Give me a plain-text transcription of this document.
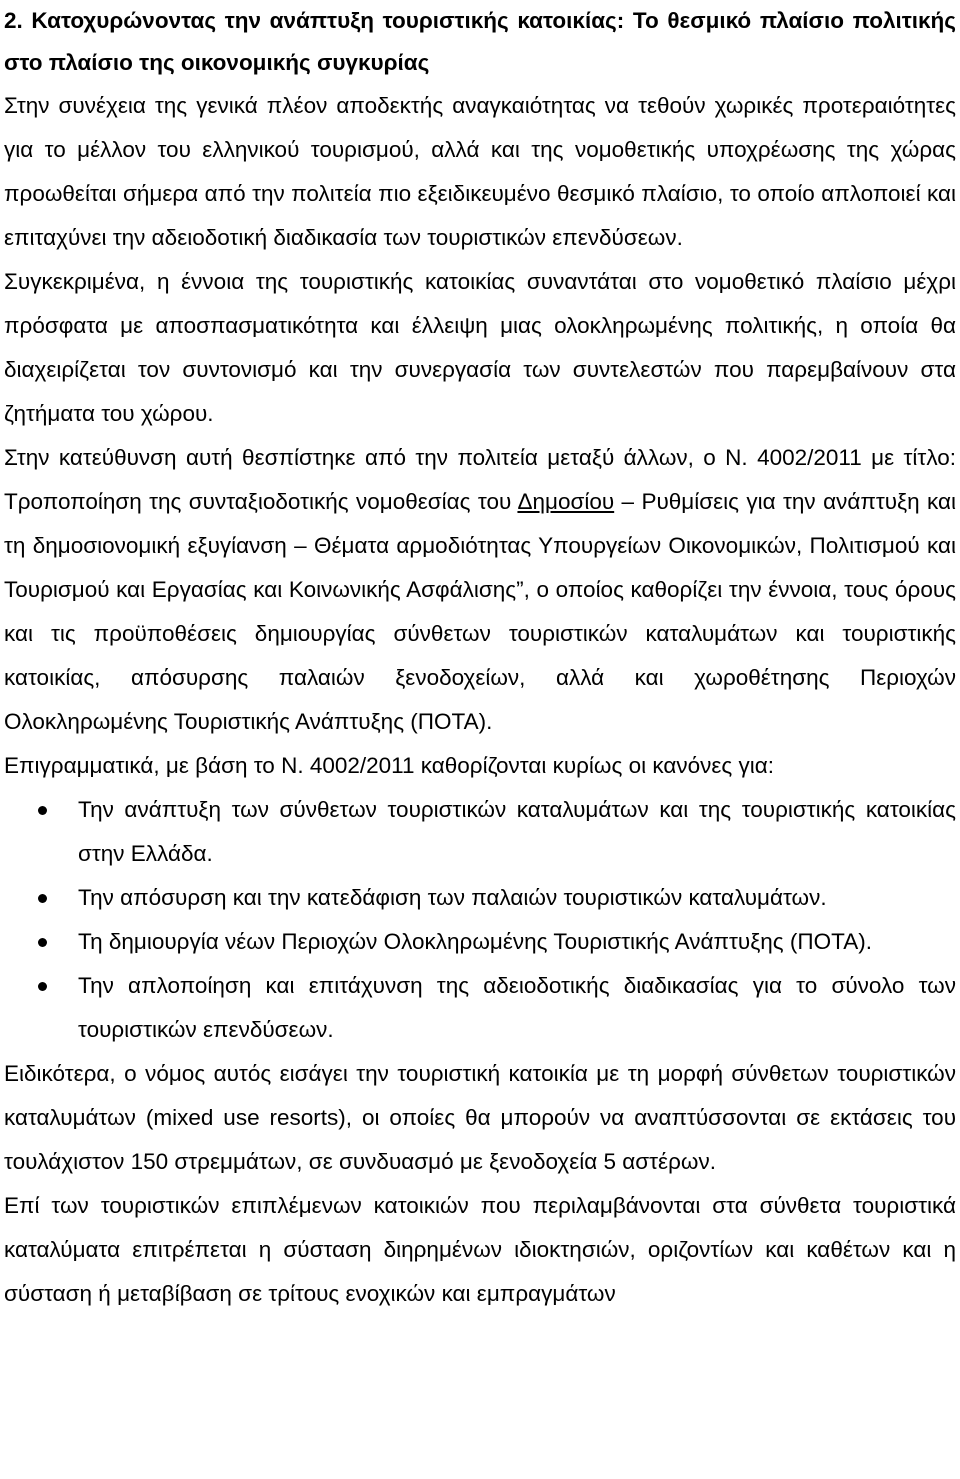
2. Κατοχυρώνοντας την ανάπτυξη τουριστικής κατοικίας: Το θεσμικό πλαίσιο πολιτικής στο πλαίσιο της οικονομικής συγκυρίας

Στην συνέχεια της γενικά πλέον αποδεκτής αναγκαιότητας να τεθούν χωρικές προτεραιότητες για το μέλλον του ελληνικού τουρισμού, αλλά και της νομοθετικής υποχρέωσης της χώρας προωθείται σήμερα από την πολιτεία πιο εξειδικευμένο θεσμικό πλαίσιο, το οποίο απλοποιεί και επιταχύνει την αδειοδοτική διαδικασία των τουριστικών επενδύσεων.

Συγκεκριμένα, η έννοια της τουριστικής κατοικίας συναντάται στο νομοθετικό πλαίσιο μέχρι πρόσφατα με αποσπασματικότητα και έλλειψη μιας ολοκληρωμένης πολιτικής, η οποία θα διαχειρίζεται τον συντονισμό και την συνεργασία των συντελεστών που παρεμβαίνουν στα ζητήματα του χώρου.

Στην κατεύθυνση αυτή θεσπίστηκε από την πολιτεία μεταξύ άλλων, ο Ν. 4002/2011 με τίτλο: Τροποποίηση της συνταξιοδοτικής νομοθεσίας του Δημοσίου – Ρυθμίσεις για την ανάπτυξη και τη δημοσιονομική εξυγίανση – Θέματα αρμοδιότητας Υπουργείων Οικονομικών, Πολιτισμού και Τουρισμού και Εργασίας και Κοινωνικής Ασφάλισης”, ο οποίος καθορίζει την έννοια, τους όρους και τις προϋποθέσεις δημιουργίας σύνθετων τουριστικών καταλυμάτων και τουριστικής κατοικίας, απόσυρσης παλαιών ξενοδοχείων, αλλά και χωροθέτησης Περιοχών Ολοκληρωμένης Τουριστικής Ανάπτυξης (ΠΟΤΑ).

Επιγραμματικά, με βάση το Ν. 4002/2011 καθορίζονται κυρίως οι κανόνες για:

Την ανάπτυξη των σύνθετων τουριστικών καταλυμάτων και της τουριστικής κατοικίας στην Ελλάδα.
Την απόσυρση και την κατεδάφιση των παλαιών τουριστικών καταλυμάτων.
Τη δημιουργία νέων Περιοχών Ολοκληρωμένης Τουριστικής Ανάπτυξης (ΠΟΤΑ).
Την απλοποίηση και επιτάχυνση της αδειοδοτικής διαδικασίας για το σύνολο των τουριστικών επενδύσεων.

Ειδικότερα, ο νόμος αυτός εισάγει την τουριστική κατοικία με τη μορφή σύνθετων τουριστικών καταλυμάτων (mixed use resorts), οι οποίες θα μπορούν να αναπτύσσονται σε εκτάσεις του τουλάχιστον 150 στρεμμάτων, σε συνδυασμό με ξενοδοχεία 5 αστέρων.

Επί των τουριστικών επιπλέμενων κατοικιών που περιλαμβάνονται στα σύνθετα τουριστικά καταλύματα επιτρέπεται η σύσταση διηρημένων ιδιοκτησιών, οριζοντίων και καθέτων και η σύσταση ή μεταβίβαση σε τρίτους ενοχικών και εμπραγμάτων
